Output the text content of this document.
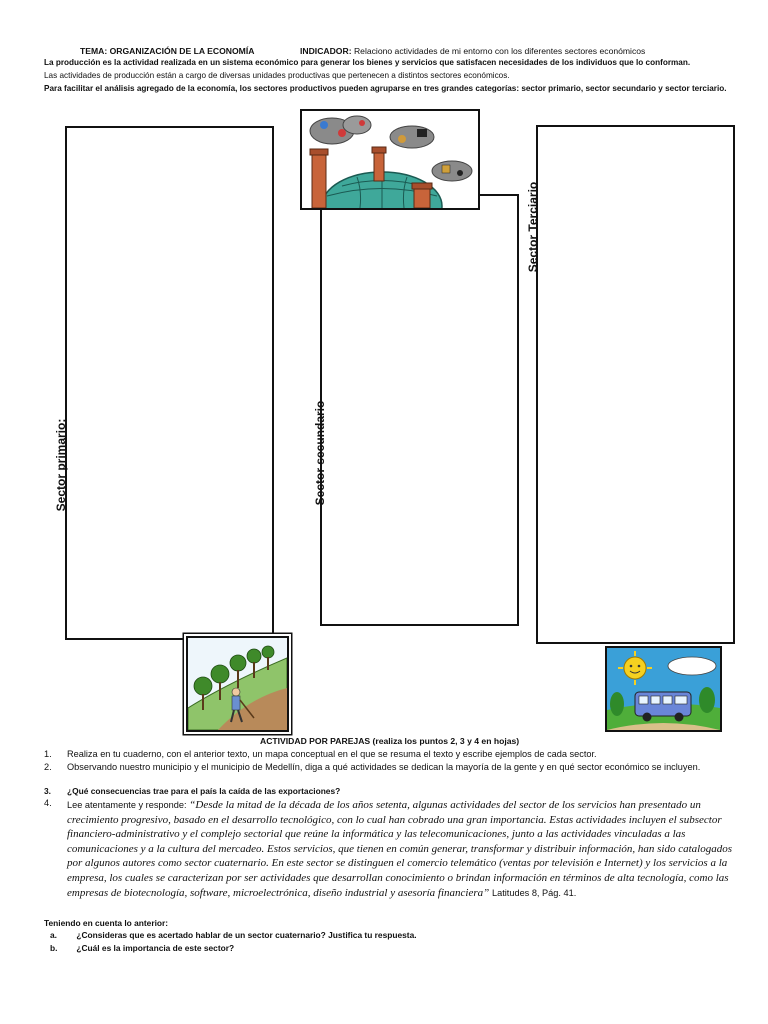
TEMA: ORGANIZACIÓN DE LA ECONOMÍA	INDICADOR: Relaciono actividades de mi entorno con los diferentes sectores económicos
La producción es la actividad realizada en un sistema económico para generar los bienes y servicios que satisfacen necesidades de los individuos que lo conforman.
Las actividades de producción están a cargo de diversas unidades productivas que pertenecen a distintos sectores económicos.
Para facilitar el análisis agregado de la economía, los sectores productivos pueden agruparse en tres grandes categorías: sector primario, sector secundario y sector terciario.
Sector primario:	Sector secundario
Sector Terciario
ACTIVIDAD POR PAREJAS (realiza los puntos 2, 3 y 4 en hojas)
1.	Realiza en tu cuaderno, con el anterior texto, un mapa conceptual en el que se resuma el texto y escribe ejemplos de cada sector.
2.	Observando nuestro municipio y el municipio de Medellín, diga a qué actividades se dedican la mayoría de la gente y en qué sector económico se incluyen.
3.	¿Qué consecuencias trae para el país la caída de las exportaciones?
4.	Lee atentamente y responde: “Desde la mitad de la década de los años setenta, algunas actividades del sector de los servicios han presentado un crecimiento progresivo, basado en el desarrollo tecnológico, con lo cual han cobrado una gran importancia. Estas actividades incluyen el subsector financiero-administrativo y el complejo sectorial que reúne la informática y las telecomunicaciones, junto a las actividades vinculadas a las comunicaciones y a la cultura del mercadeo. Estos servicios, que tienen en común generar, transformar y distribuir información, han sido catalogados por algunos autores como sector cuaternario. En este sector se distinguen el comercio telemático (ventas por televisión e Internet) y los servicios a la empresa, los cuales se caracterizan por ser actividades que desarrollan conocimiento o brindan información en términos de alta tecnología, como las empresas de biotecnología, software, microelectrónica, diseño industrial y asesoría financiera” Latitudes 8, Pág. 41.
Teniendo en cuenta lo anterior:
a. ¿Consideras que es acertado hablar de un sector cuaternario? Justifica tu respuesta.
b. ¿Cuál es la importancia de este sector?
